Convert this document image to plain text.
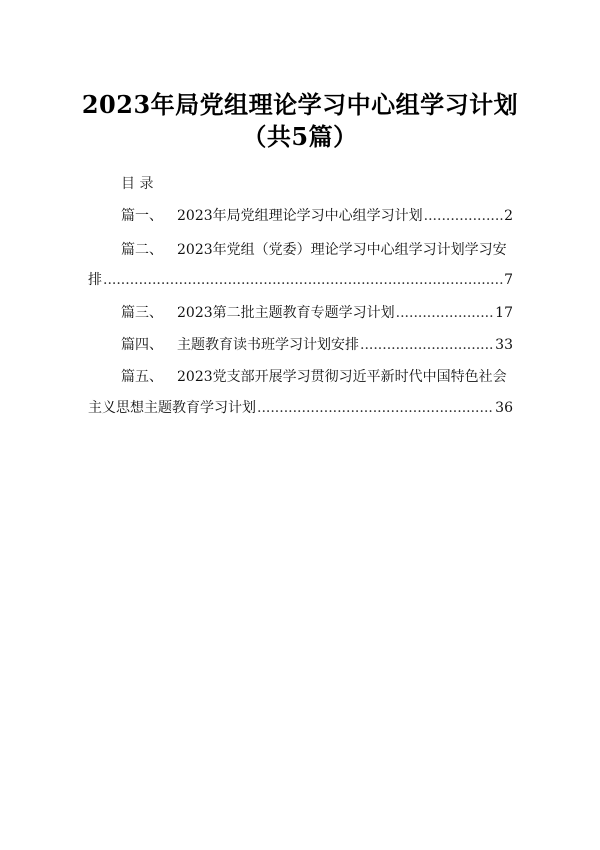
2023年局党组理论学习中心组学习计划
（共5篇）
目 录
篇一、 2023年局党组理论学习中心组学习计划 .....	2
篇二、 2023年党组（党委）理论学习中心组学习计划学习安
排 .....	7
篇三、 2023第二批主题教育专题学习计划 .....	17
篇四、 主题教育读书班学习计划安排 .....	33
篇五、 2023党支部开展学习贯彻习近平新时代中国特色社会
主义思想主题教育学习计划 .....	36
